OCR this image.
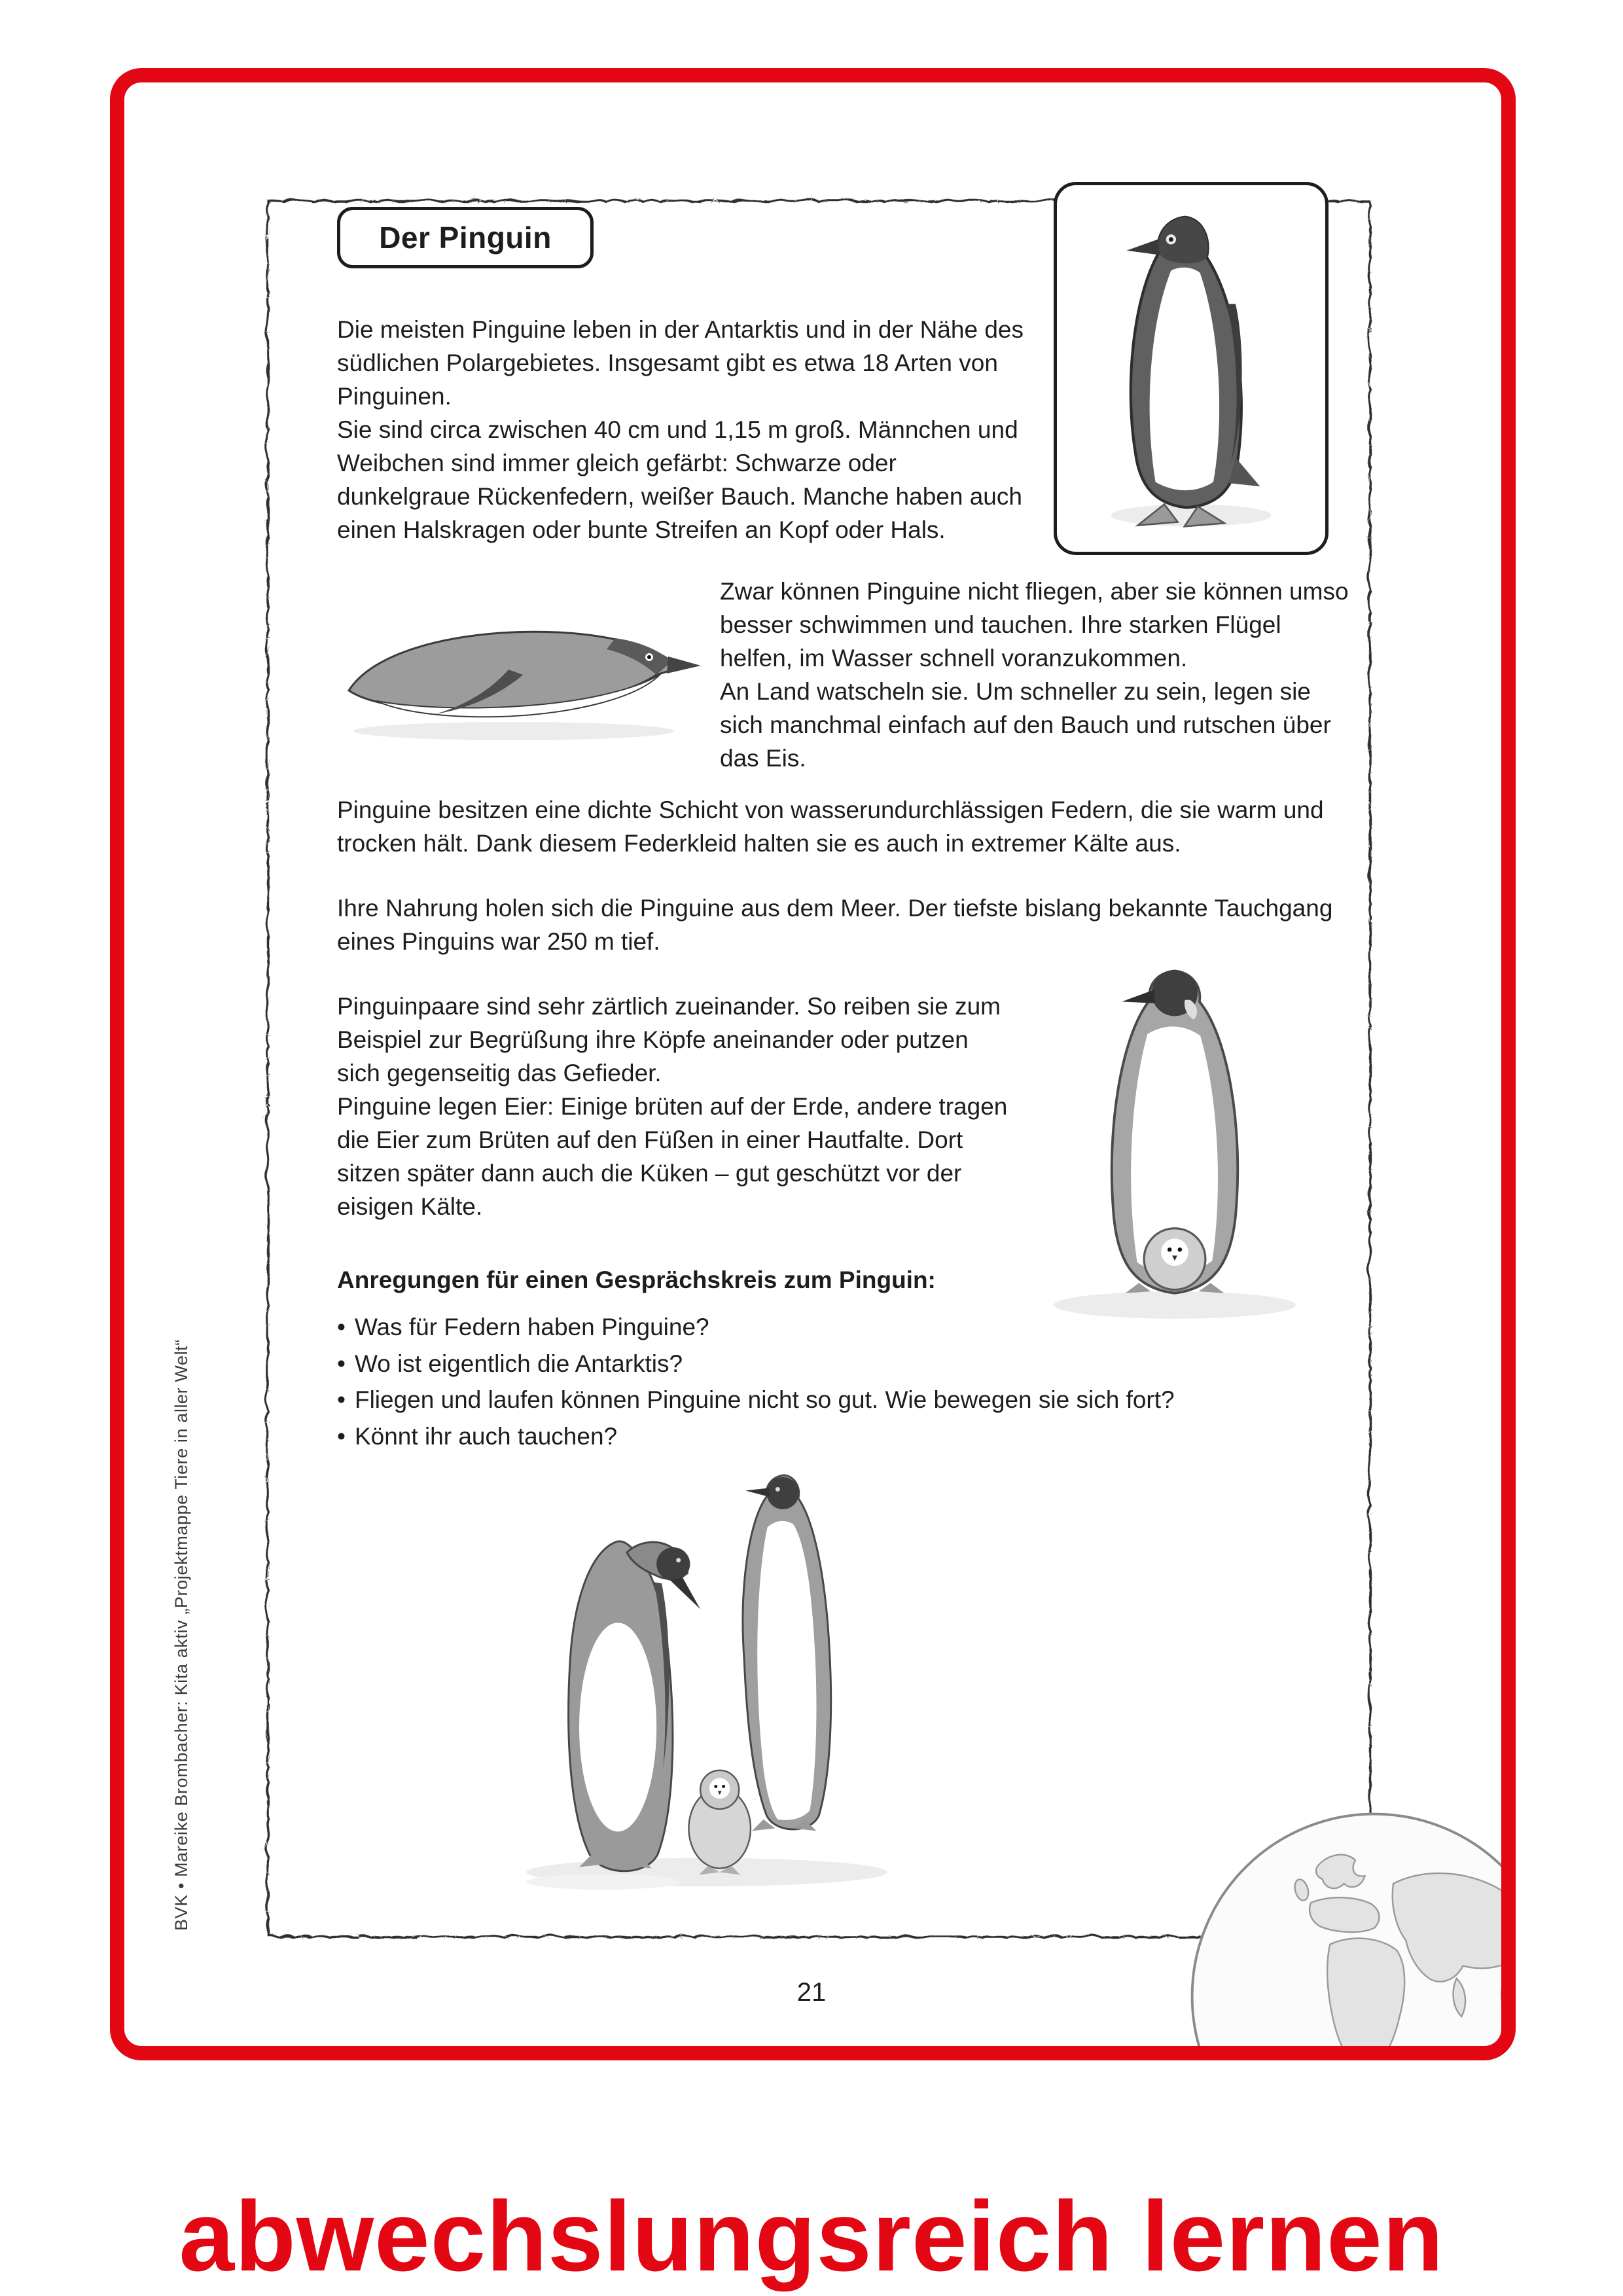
Der Pinguin

Die meisten Pinguine leben in der Antarktis und in der Nähe des südlichen Polargebietes. Insgesamt gibt es etwa 18 Arten von Pinguinen.

Sie sind circa zwischen 40 cm und 1,15 m groß. Männchen und Weibchen sind immer gleich gefärbt: Schwarze oder dunkelgraue Rückenfedern, weißer Bauch. Manche haben auch einen Halskragen oder bunte Streifen an Kopf oder Hals.

Zwar können Pinguine nicht fliegen, aber sie können umso besser schwimmen und tauchen. Ihre starken Flügel helfen, im Wasser schnell voranzukommen.

An Land watscheln sie. Um schneller zu sein, legen sie sich manchmal einfach auf den Bauch und rutschen über das Eis.

Pinguine besitzen eine dichte Schicht von wasserundurchlässigen Federn, die sie warm und trocken hält. Dank diesem Federkleid halten sie es auch in extremer Kälte aus.

Ihre Nahrung holen sich die Pinguine aus dem Meer. Der tiefste bislang bekannte Tauchgang eines Pinguins war 250 m tief.

Pinguinpaare sind sehr zärtlich zueinander. So reiben sie zum Beispiel zur Begrüßung ihre Köpfe aneinander oder putzen sich gegenseitig das Gefieder.

Pinguine legen Eier: Einige brüten auf der Erde, andere tragen die Eier zum Brüten auf den Füßen in einer Hautfalte. Dort sitzen später dann auch die Küken – gut geschützt vor der eisigen Kälte.

Anregungen für einen Gesprächskreis zum Pinguin:
• Was für Federn haben Pinguine?
• Wo ist eigentlich die Antarktis?
• Fliegen und laufen können Pinguine nicht so gut. Wie bewegen sie sich fort?
• Könnt ihr auch tauchen?
BVK • Mareike Brombacher: Kita aktiv „Projektmappe Tiere in aller Welt“
21
abwechslungsreich lernen
